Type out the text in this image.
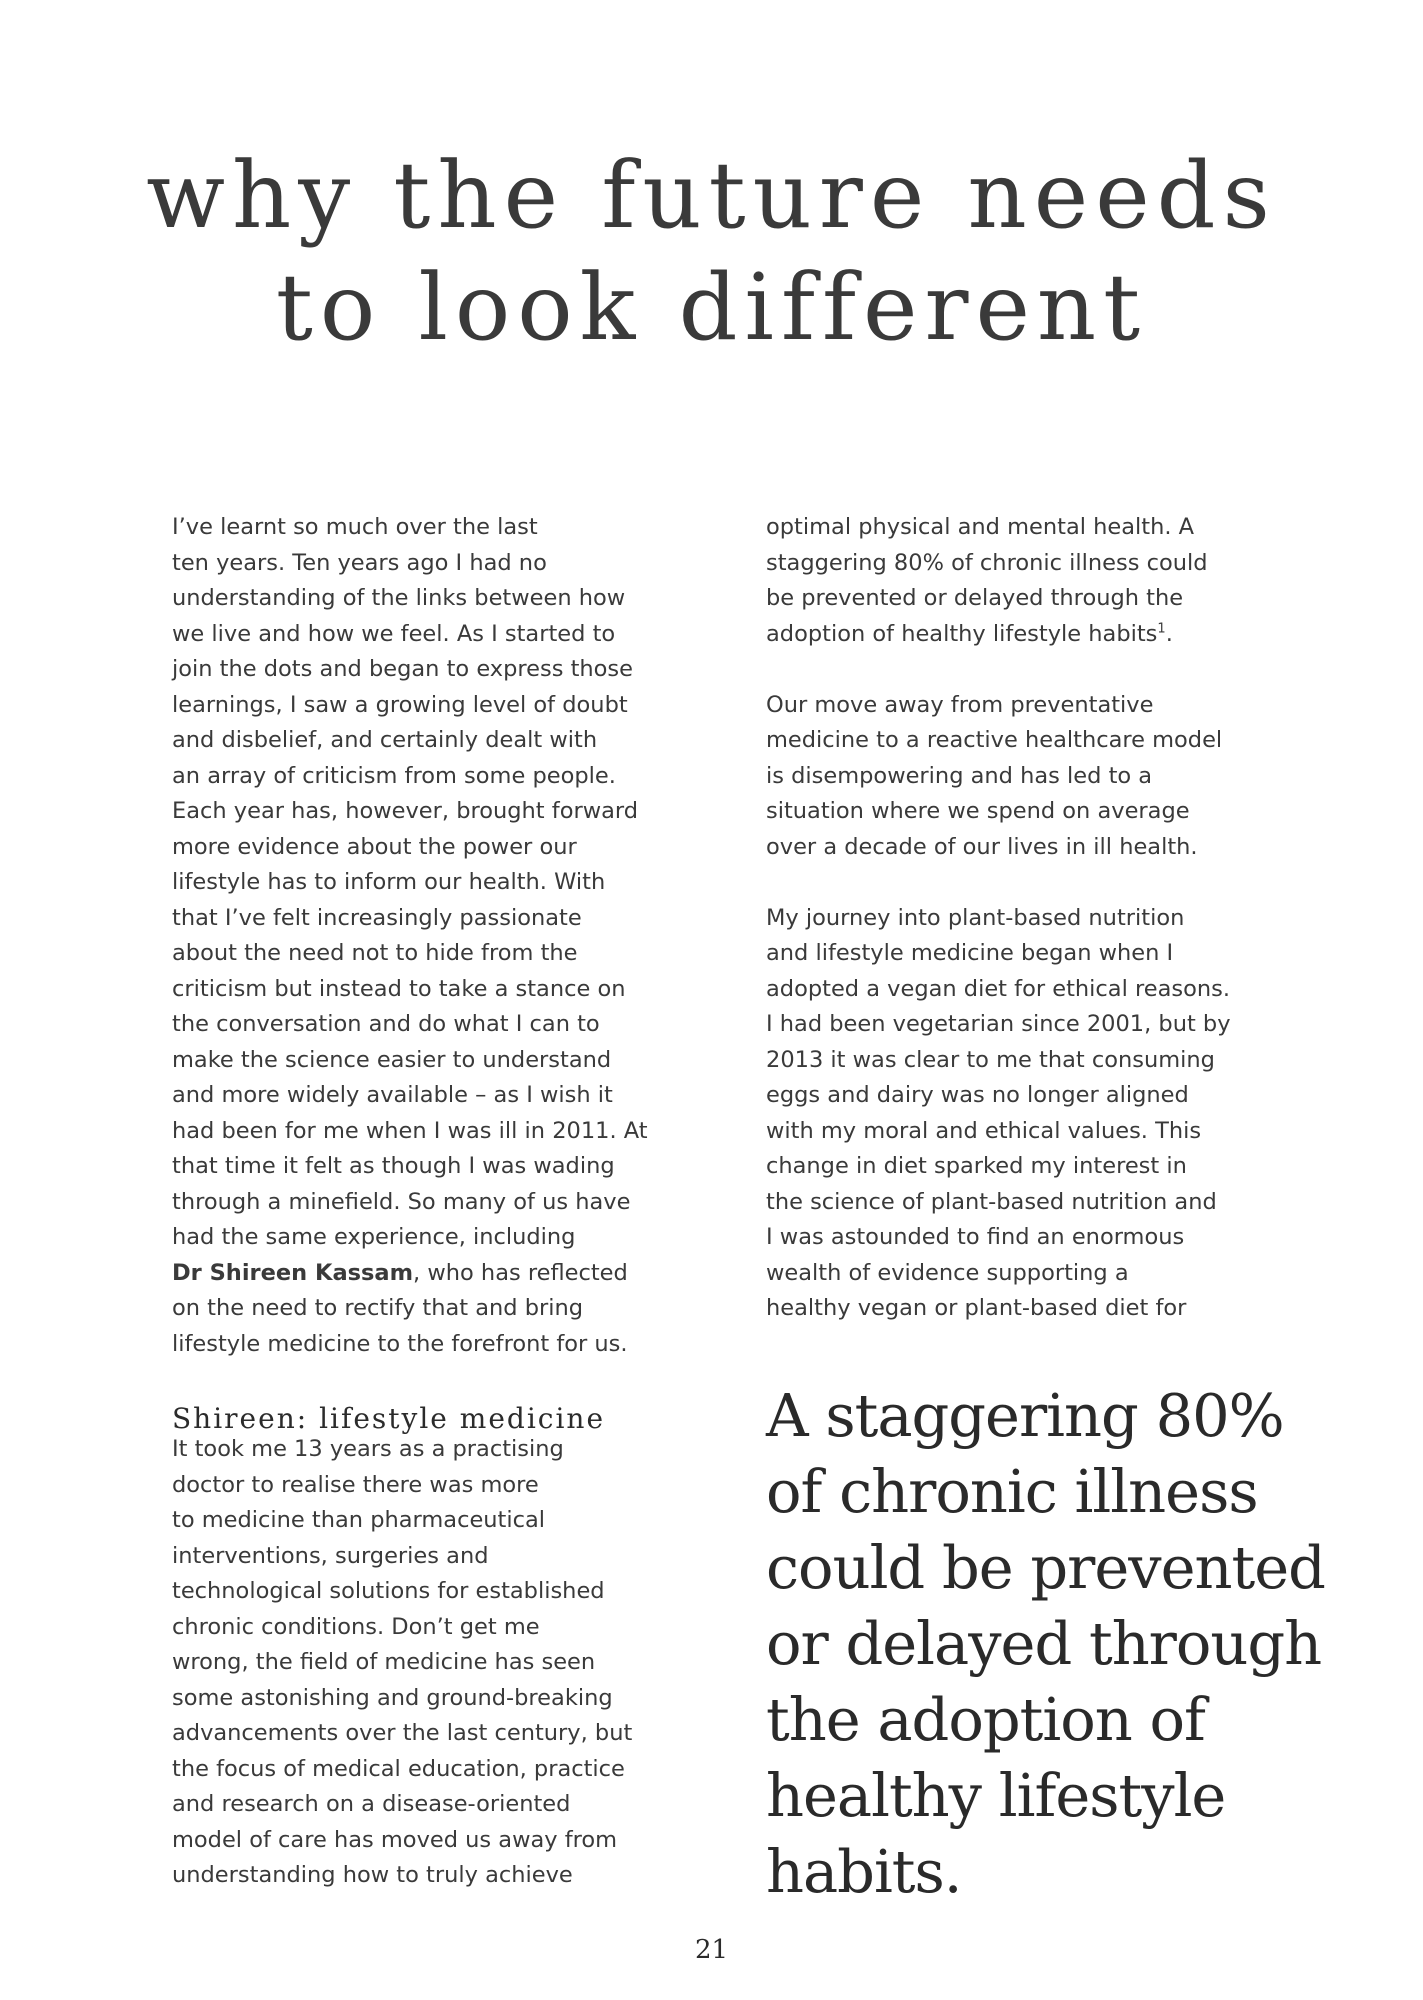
why the future needs
to look different

I’ve learnt so much over the last
ten years. Ten years ago I had no
understanding of the links between how
we live and how we feel. As I started to
join the dots and began to express those
learnings, I saw a growing level of doubt
and disbelief, and certainly dealt with
an array of criticism from some people.
Each year has, however, brought forward
more evidence about the power our
lifestyle has to inform our health. With
that I’ve felt increasingly passionate
about the need not to hide from the
criticism but instead to take a stance on
the conversation and do what I can to
make the science easier to understand
and more widely available – as I wish it
had been for me when I was ill in 2011. At
that time it felt as though I was wading
through a minefield. So many of us have
had the same experience, including
Dr Shireen Kassam, who has reflected
on the need to rectify that and bring
lifestyle medicine to the forefront for us.

Shireen: lifestyle medicine

It took me 13 years as a practising
doctor to realise there was more
to medicine than pharmaceutical
interventions, surgeries and
technological solutions for established
chronic conditions. Don’t get me
wrong, the field of medicine has seen
some astonishing and ground-breaking
advancements over the last century, but
the focus of medical education, practice
and research on a disease-oriented
model of care has moved us away from
understanding how to truly achieve

optimal physical and mental health. A
staggering 80% of chronic illness could
be prevented or delayed through the
adoption of healthy lifestyle habits$^1$.

Our move away from preventative
medicine to a reactive healthcare model
is disempowering and has led to a
situation where we spend on average
over a decade of our lives in ill health.

My journey into plant-based nutrition
and lifestyle medicine began when I
adopted a vegan diet for ethical reasons.
I had been vegetarian since 2001, but by
2013 it was clear to me that consuming
eggs and dairy was no longer aligned
with my moral and ethical values. This
change in diet sparked my interest in
the science of plant-based nutrition and
I was astounded to find an enormous
wealth of evidence supporting a
healthy vegan or plant-based diet for

A staggering 80%
of chronic illness
could be prevented
or delayed through
the adoption of
healthy lifestyle
habits.
21
